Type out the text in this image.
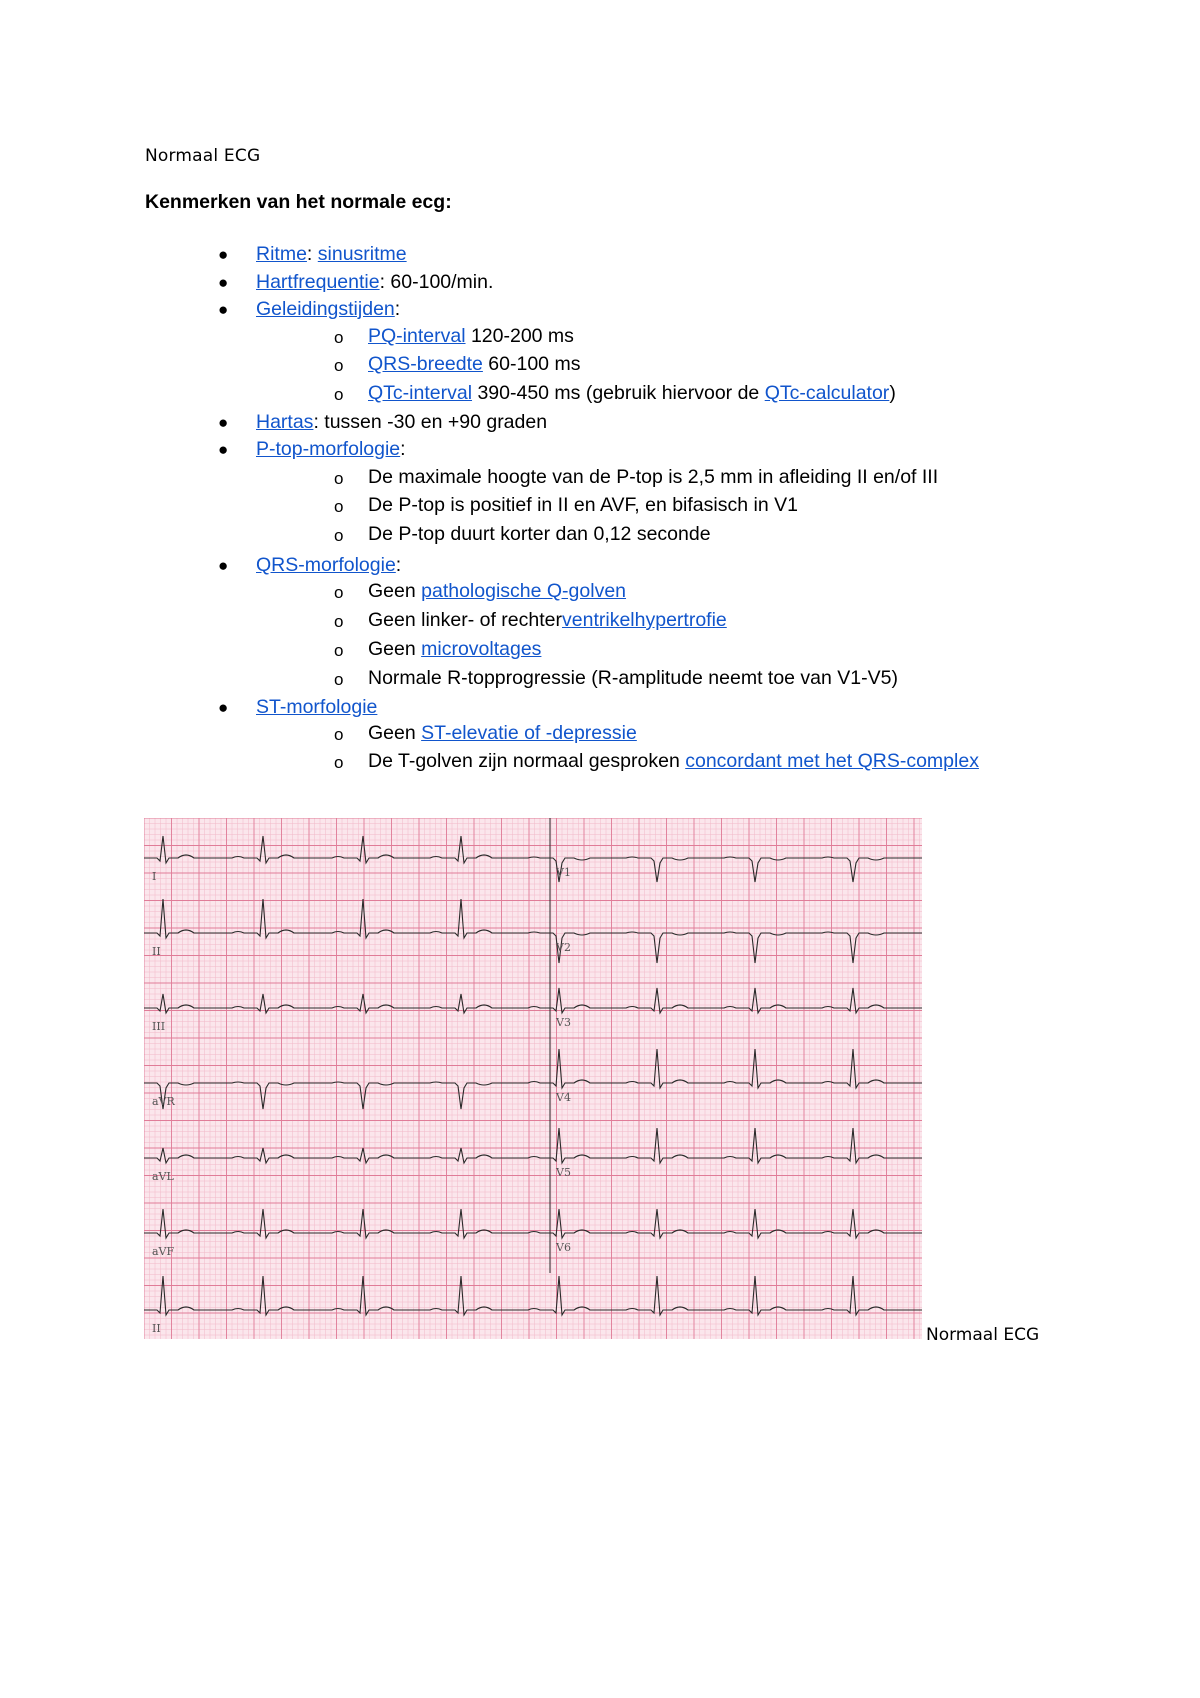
Normaal ECG
Kenmerken van het normale ecg:
● Ritme: sinusritme
● Hartfrequentie: 60-100/min.
● Geleidingstijden:
o PQ-interval 120-200 ms
o QRS-breedte 60-100 ms
o QTc-interval 390-450 ms (gebruik hiervoor de QTc-calculator)
● Hartas: tussen -30 en +90 graden
● P-top-morfologie:
o De maximale hoogte van de P-top is 2,5 mm in afleiding II en/of III
o De P-top is positief in II en AVF, en bifasisch in V1
o De P-top duurt korter dan 0,12 seconde
● QRS-morfologie:
o Geen pathologische Q-golven
o Geen linker- of rechterventrikelhypertrofie
o Geen microvoltages
o Normale R-topprogressie (R-amplitude neemt toe van V1-V5)
● ST-morfologie
o Geen ST-elevatie of -depressie
o De T-golven zijn normaal gesproken concordant met het QRS-complex
I
II
III
aVR
aVL
aVF
II
V1
V2
V3
V4
V5
V6
Normaal ECG
